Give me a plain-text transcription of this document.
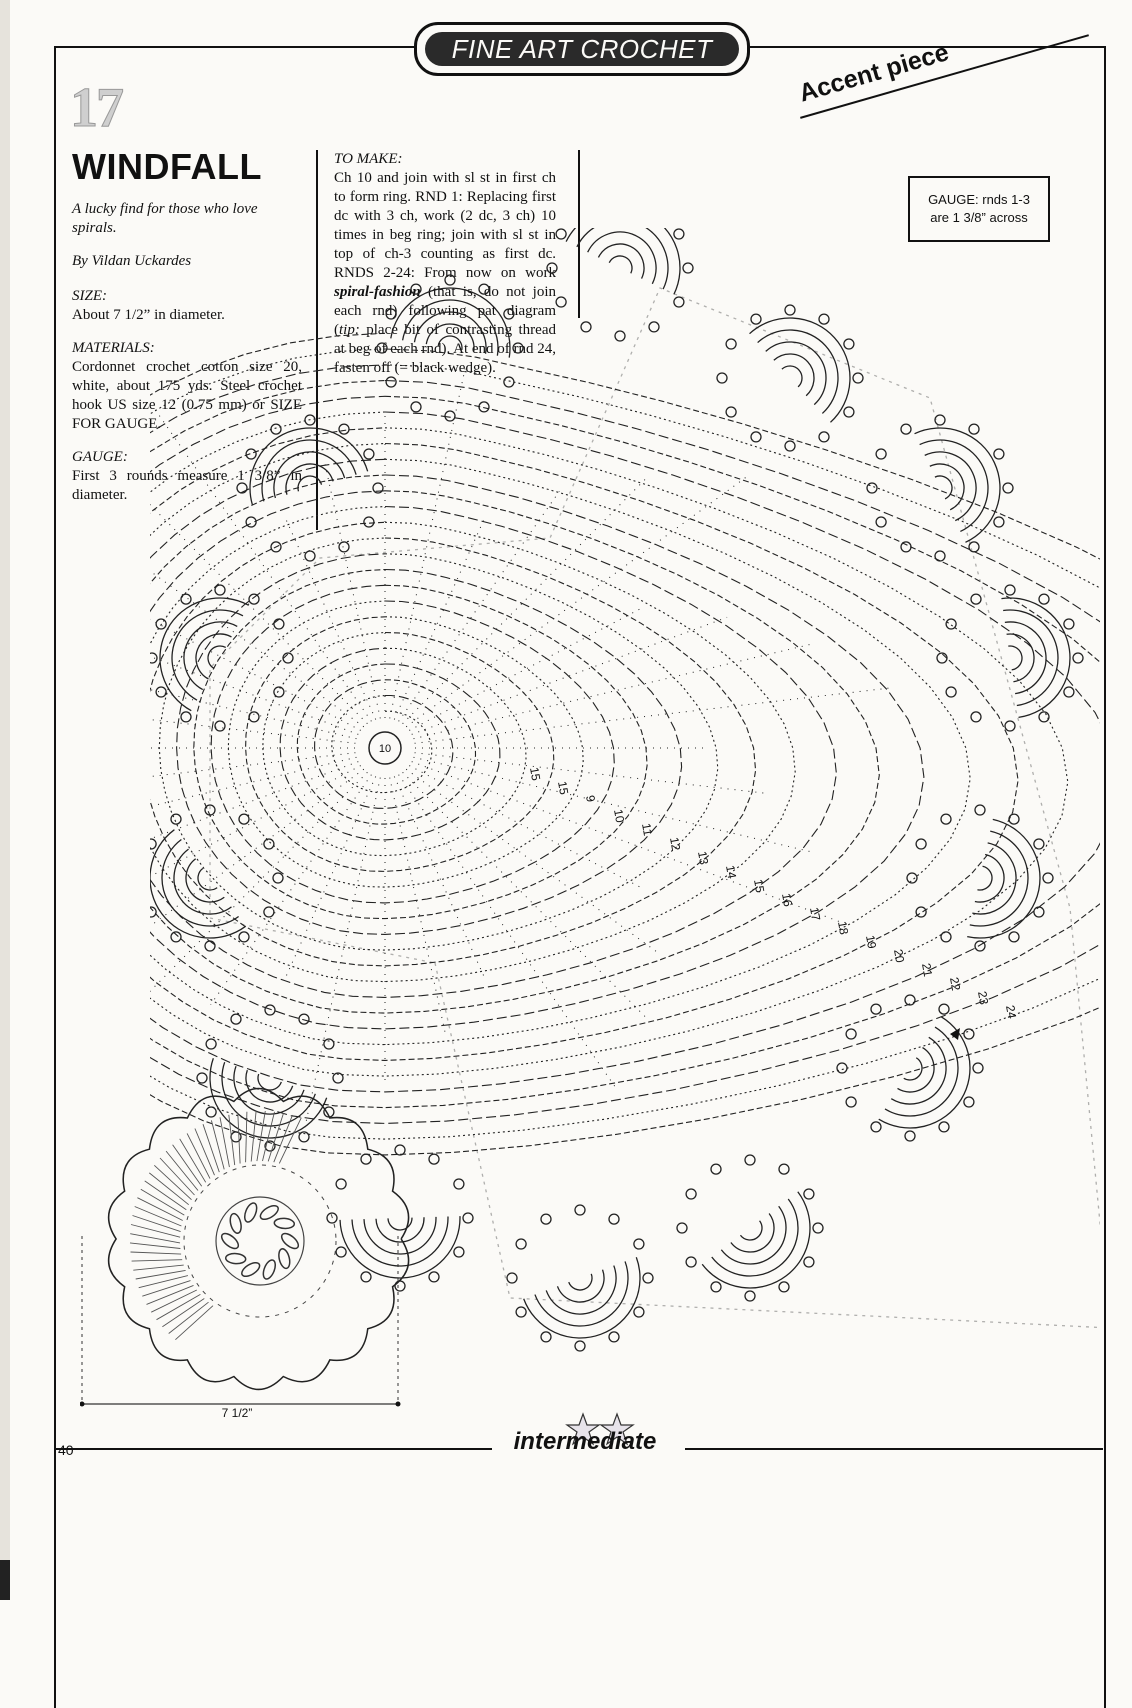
FINE ART CROCHET	Accent piece
17
WINDFALL

A lucky find for those who love spirals.

By Vildan Uckardes

SIZE:

About 7 1/2” in diameter.

MATERIALS:

Cordonnet crochet cotton size 20, white, about 175 yds. Steel crochet hook US size 12 (0.75 mm) or SIZE FOR GAUGE.

GAUGE:

First 3 rounds measure 1 3/8” in diameter.

TO MAKE:
Ch 10 and join with sl st in first ch to form ring. RND 1: Replacing first dc with 3 ch, work (2 dc, 3 ch) 10 times in beg ring; join with sl st in top of ch-3 counting as first dc. RNDS 2-24: From now on work spiral-fashion (that is, do not join each rnd) following pat diagram (tip: place bit of contrasting thread at beg of each rnd). At end of rnd 24, fasten off (= black wedge).
GAUGE: rnds 1-3
are 1 3/8” across
15
15
9
10
11
12
13
14
15
16
17
18
19
20
21
22
23
24
10
7 1/2”
intermediate
40
